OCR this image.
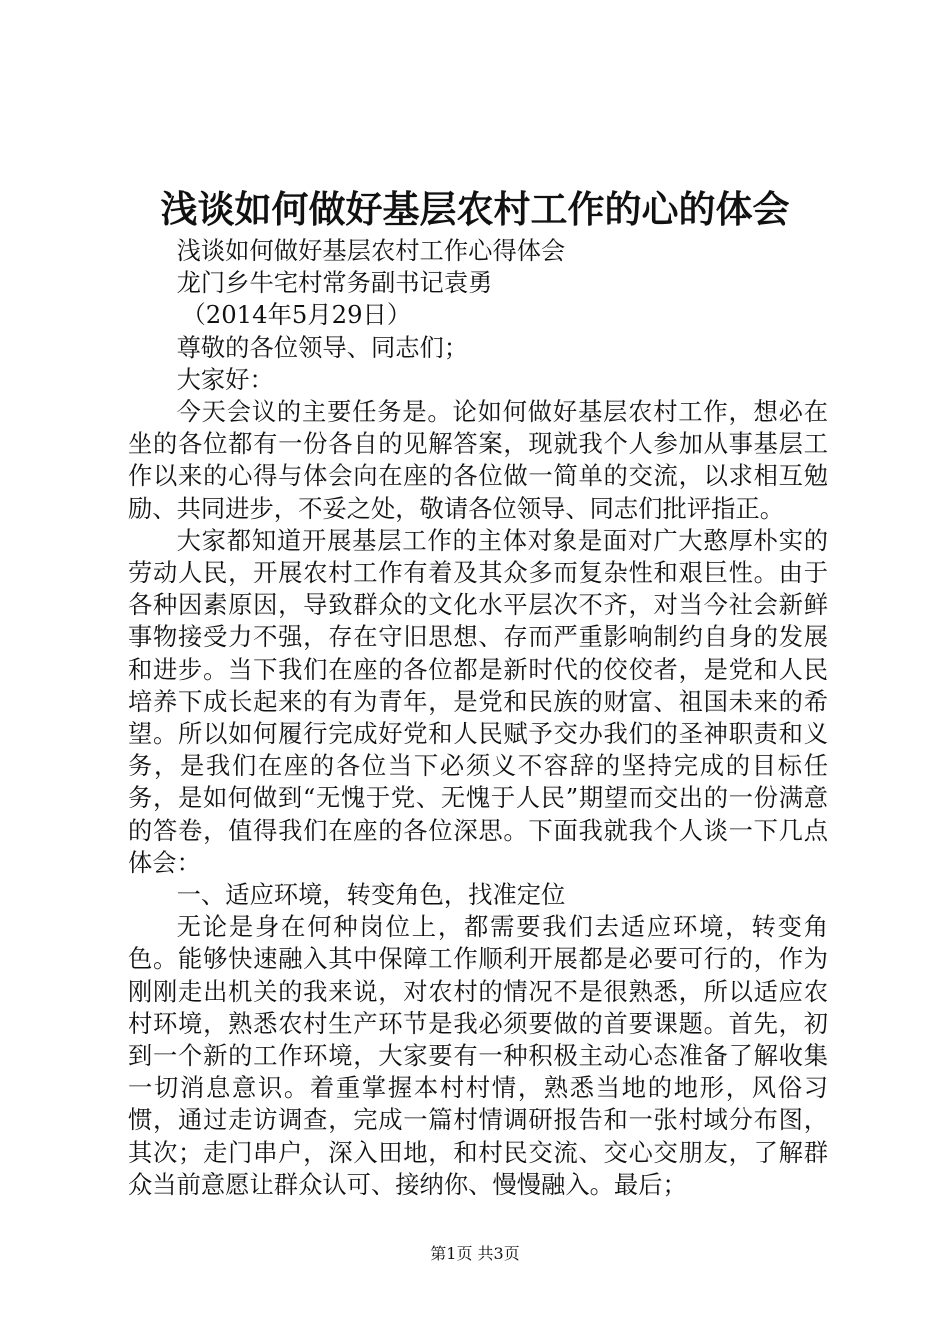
浅谈如何做好基层农村工作的心的体会

浅谈如何做好基层农村工作心得体会

龙门乡牛宅村常务副书记袁勇

（2014年5月29日）

尊敬的各位领导、同志们；

大家好：

今天会议的主要任务是。论如何做好基层农村工作，想必在坐的各位都有一份各自的见解答案，现就我个人参加从事基层工作以来的心得与体会向在座的各位做一简单的交流，以求相互勉励、共同进步，不妥之处，敬请各位领导、同志们批评指正。

大家都知道开展基层工作的主体对象是面对广大憨厚朴实的劳动人民，开展农村工作有着及其众多而复杂性和艰巨性。由于各种因素原因，导致群众的文化水平层次不齐，对当今社会新鲜事物接受力不强，存在守旧思想、存而严重影响制约自身的发展和进步。当下我们在座的各位都是新时代的佼佼者，是党和人民培养下成长起来的有为青年，是党和民族的财富、祖国未来的希望。所以如何履行完成好党和人民赋予交办我们的圣神职责和义务，是我们在座的各位当下必须义不容辞的坚持完成的目标任务，是如何做到“无愧于党、无愧于人民”期望而交出的一份满意的答卷，值得我们在座的各位深思。下面我就我个人谈一下几点体会：

一、适应环境，转变角色，找准定位

无论是身在何种岗位上，都需要我们去适应环境，转变角色。能够快速融入其中保障工作顺利开展都是必要可行的，作为刚刚走出机关的我来说，对农村的情况不是很熟悉，所以适应农村环境，熟悉农村生产环节是我必须要做的首要课题。首先，初到一个新的工作环境，大家要有一种积极主动心态准备了解收集一切消息意识。着重掌握本村村情，熟悉当地的地形，风俗习惯，通过走访调查，完成一篇村情调研报告和一张村域分布图，其次；走门串户，深入田地，和村民交流、交心交朋友，了解群众当前意愿让群众认可、接纳你、慢慢融入。最后；

第1页 共3页
